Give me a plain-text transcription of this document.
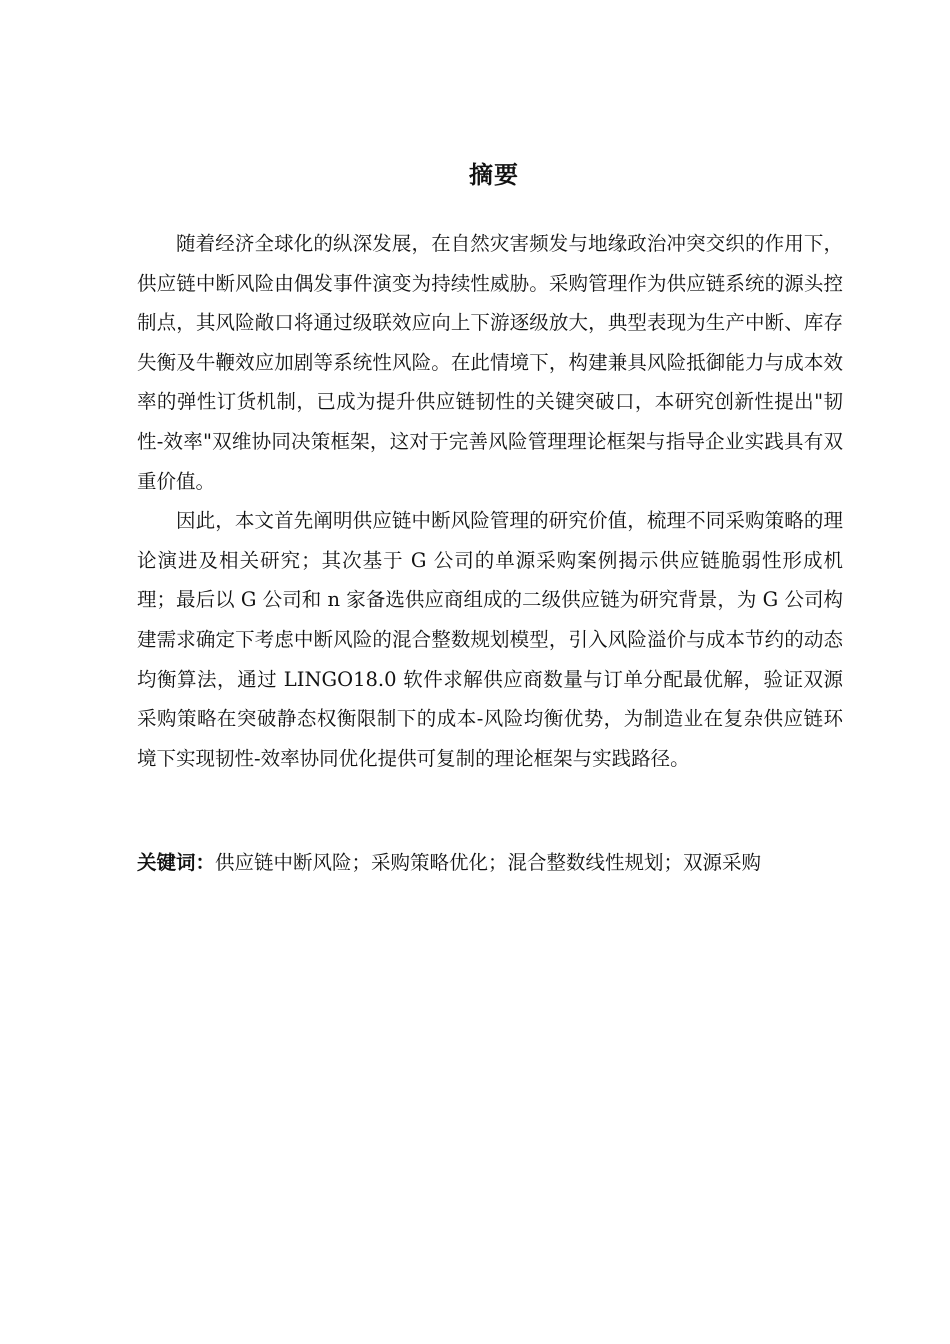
摘要

随着经济全球化的纵深发展，在自然灾害频发与地缘政治冲突交织的作用下，供应链中断风险由偶发事件演变为持续性威胁。采购管理作为供应链系统的源头控制点，其风险敞口将通过级联效应向上下游逐级放大，典型表现为生产中断、库存失衡及牛鞭效应加剧等系统性风险。在此情境下，构建兼具风险抵御能力与成本效率的弹性订货机制，已成为提升供应链韧性的关键突破口，本研究创新性提出"韧性-效率"双维协同决策框架，这对于完善风险管理理论框架与指导企业实践具有双重价值。

因此，本文首先阐明供应链中断风险管理的研究价值，梳理不同采购策略的理论演进及相关研究；其次基于 G 公司的单源采购案例揭示供应链脆弱性形成机理；最后以 G 公司和 n 家备选供应商组成的二级供应链为研究背景，为 G 公司构建需求确定下考虑中断风险的混合整数规划模型，引入风险溢价与成本节约的动态均衡算法，通过 LINGO18.0 软件求解供应商数量与订单分配最优解，验证双源采购策略在突破静态权衡限制下的成本-风险均衡优势，为制造业在复杂供应链环境下实现韧性-效率协同优化提供可复制的理论框架与实践路径。

关键词：供应链中断风险；采购策略优化；混合整数线性规划；双源采购
